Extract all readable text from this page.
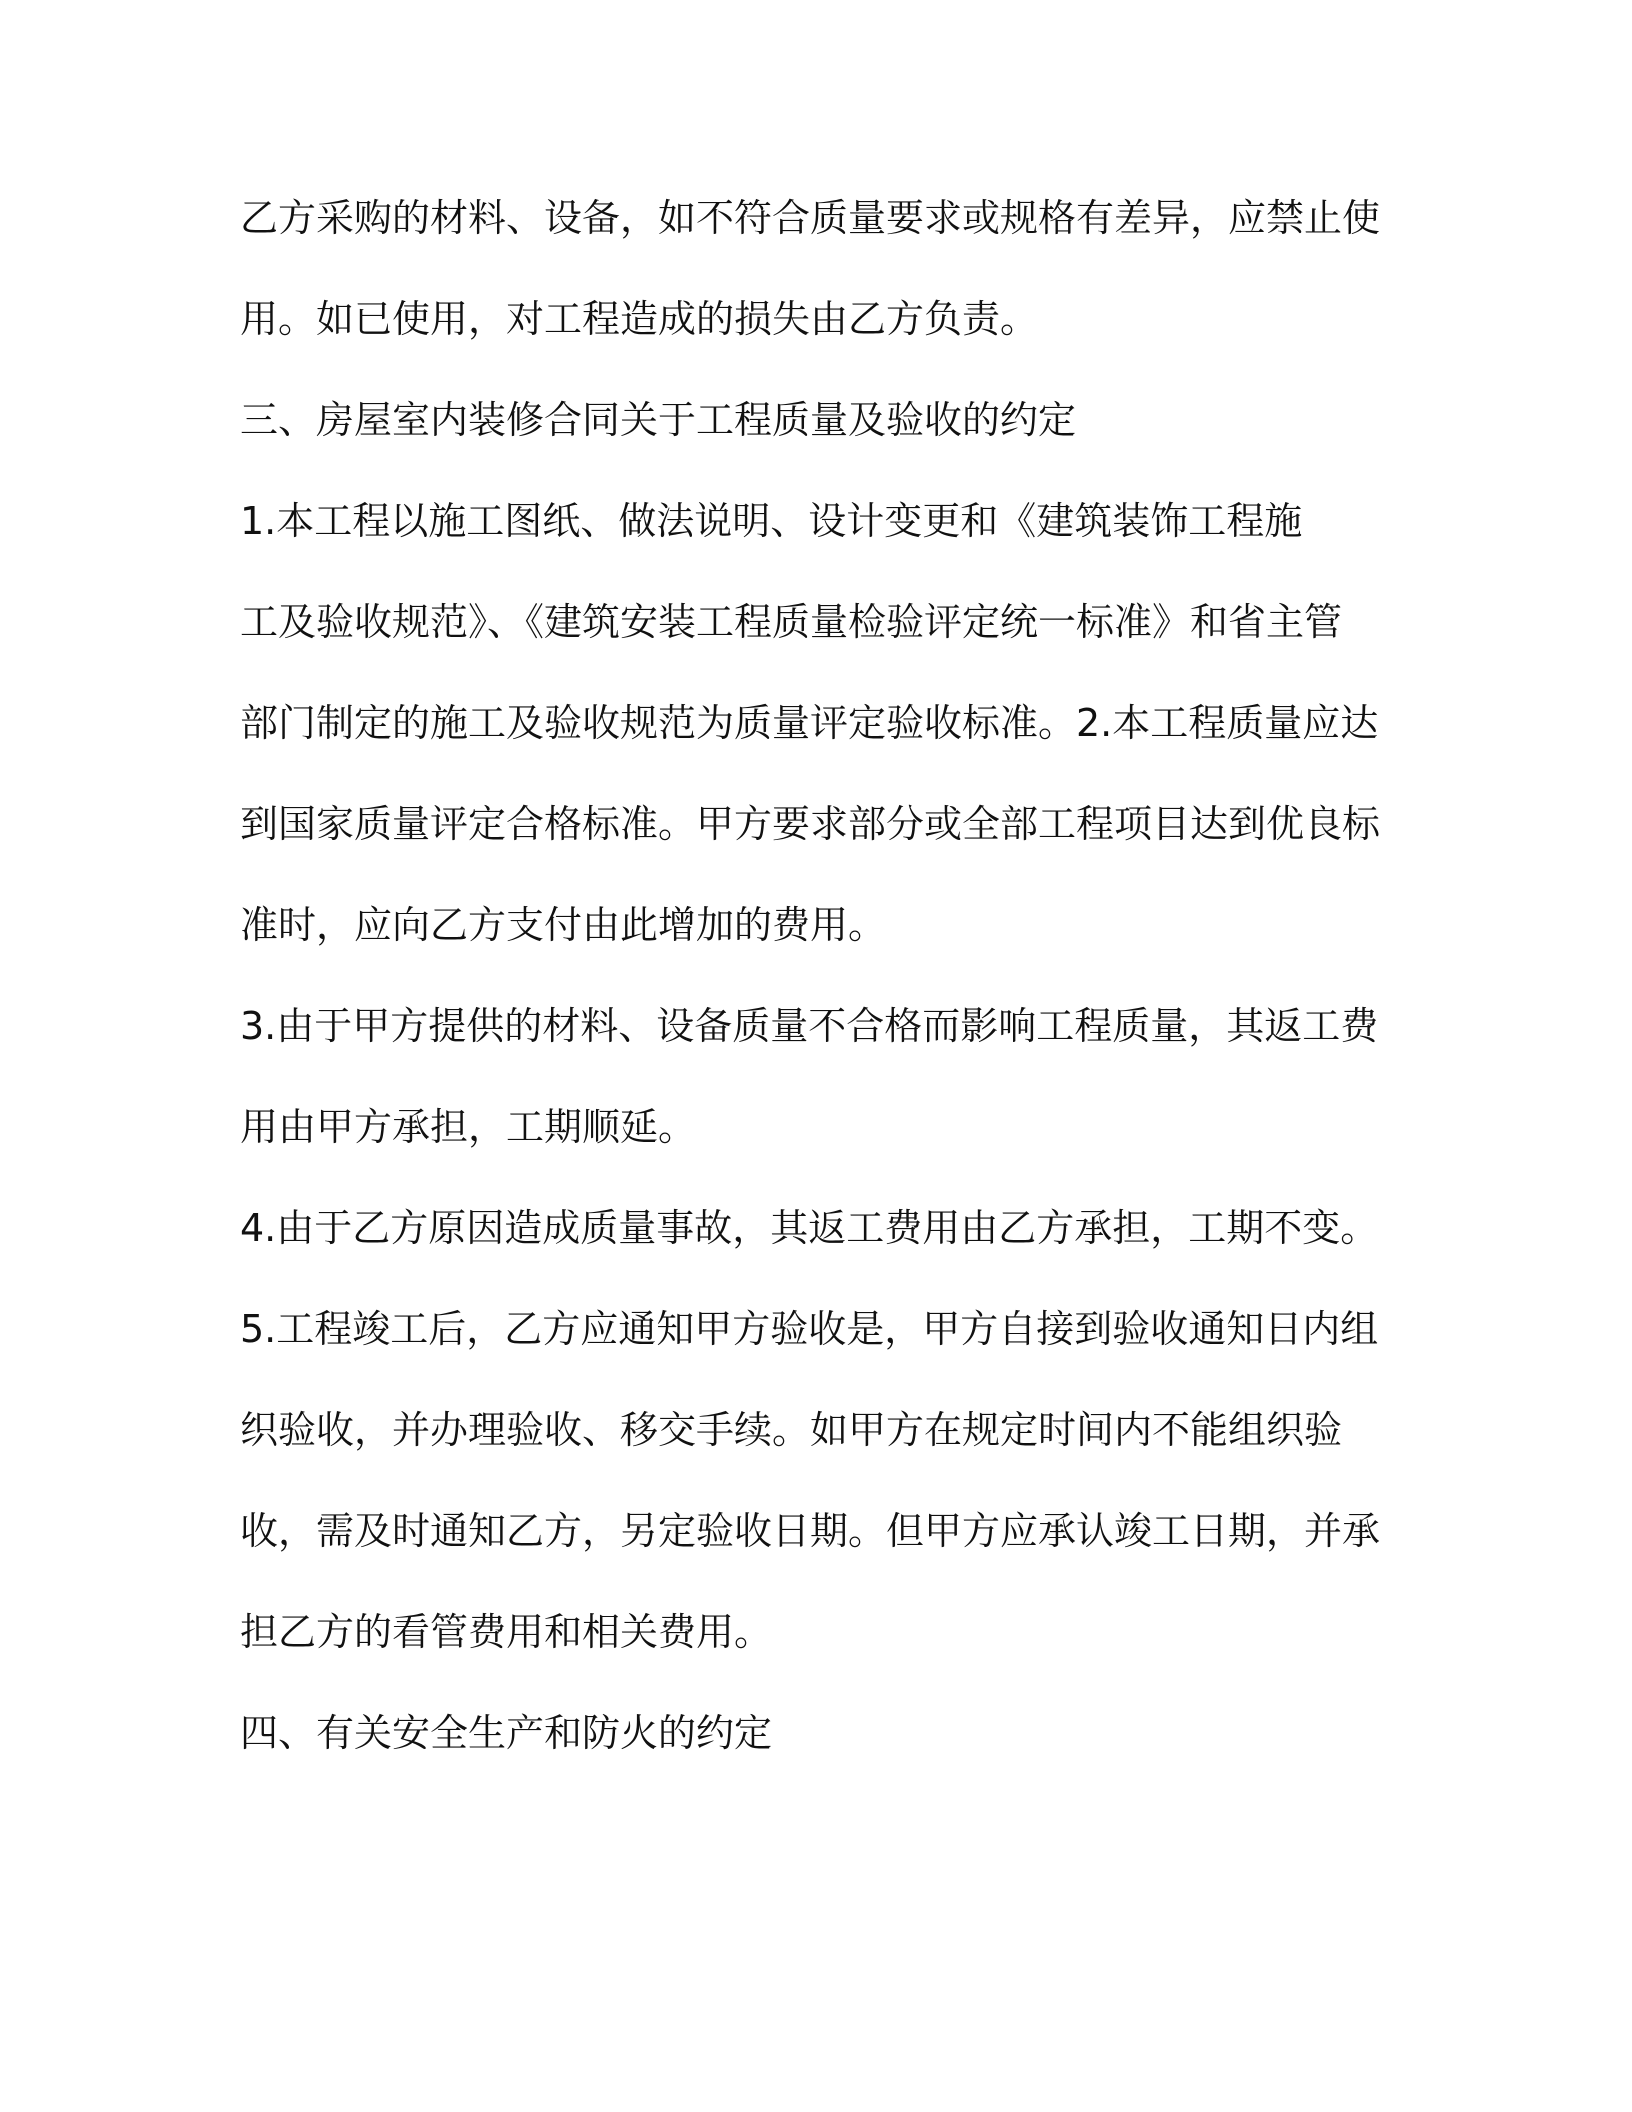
乙方采购的材料、设备，如不符合质量要求或规格有差异，应禁止使
用。如已使用，对工程造成的损失由乙方负责。
三、房屋室内装修合同关于工程质量及验收的约定
1.本工程以施工图纸、做法说明、设计变更和《建筑装饰工程施
工及验收规范》、《建筑安装工程质量检验评定统一标准》和省主管
部门制定的施工及验收规范为质量评定验收标准。2.本工程质量应达
到国家质量评定合格标准。甲方要求部分或全部工程项目达到优良标
准时，应向乙方支付由此增加的费用。
3.由于甲方提供的材料、设备质量不合格而影响工程质量，其返工费
用由甲方承担，工期顺延。
4.由于乙方原因造成质量事故，其返工费用由乙方承担，工期不变。
5.工程竣工后，乙方应通知甲方验收是，甲方自接到验收通知日内组
织验收，并办理验收、移交手续。如甲方在规定时间内不能组织验
收，需及时通知乙方，另定验收日期。但甲方应承认竣工日期，并承
担乙方的看管费用和相关费用。
四、有关安全生产和防火的约定
